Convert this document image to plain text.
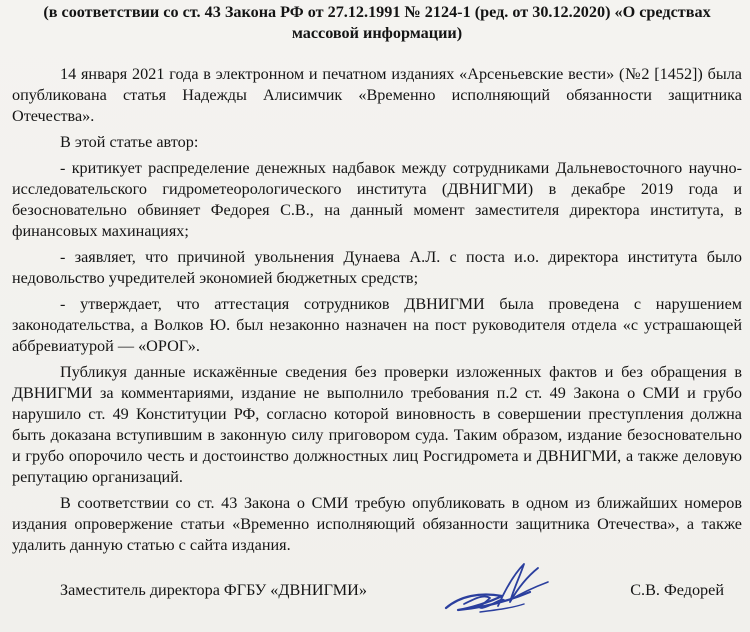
(в соответствии со ст. 43 Закона РФ от 27.12.1991 № 2124-1 (ред. от 30.12.2020) «О средствах массовой информации)
14 января 2021 года в электронном и печатном изданиях «Арсеньевские вести» (№2 [1452]) была опубликована статья Надежды Алисимчик «Временно исполняющий обязанности защитника Отечества».
В этой статье автор:
- критикует распределение денежных надбавок между сотрудниками Дальневосточного научно-исследовательского гидрометеорологического института (ДВНИГМИ) в декабре 2019 года и безосновательно обвиняет Федорея С.В., на данный момент заместителя директора института, в финансовых махинациях;
- заявляет, что причиной увольнения Дунаева А.Л. с поста и.о. директора института было недовольство учредителей экономией бюджетных средств;
- утверждает, что аттестация сотрудников ДВНИГМИ была проведена с нарушением законодательства, а Волков Ю. был незаконно назначен на пост руководителя отдела «с устрашающей аббревиатурой — «ОРОГ».
Публикуя данные искажённые сведения без проверки изложенных фактов и без обращения в ДВНИГМИ за комментариями, издание не выполнило требования п.2 ст. 49 Закона о СМИ и грубо нарушило ст. 49 Конституции РФ, согласно которой виновность в совершении преступления должна быть доказана вступившим в законную силу приговором суда. Таким образом, издание безосновательно и грубо опорочило честь и достоинство должностных лиц Росгидромета и ДВНИГМИ, а также деловую репутацию организаций.
В соответствии со ст. 43 Закона о СМИ требую опубликовать в одном из ближайших номеров издания опровержение статьи «Временно исполняющий обязанности защитника Отечества», а также удалить данную статью с сайта издания.
Заместитель директора ФГБУ «ДВНИГМИ»	С.В. Федорей
